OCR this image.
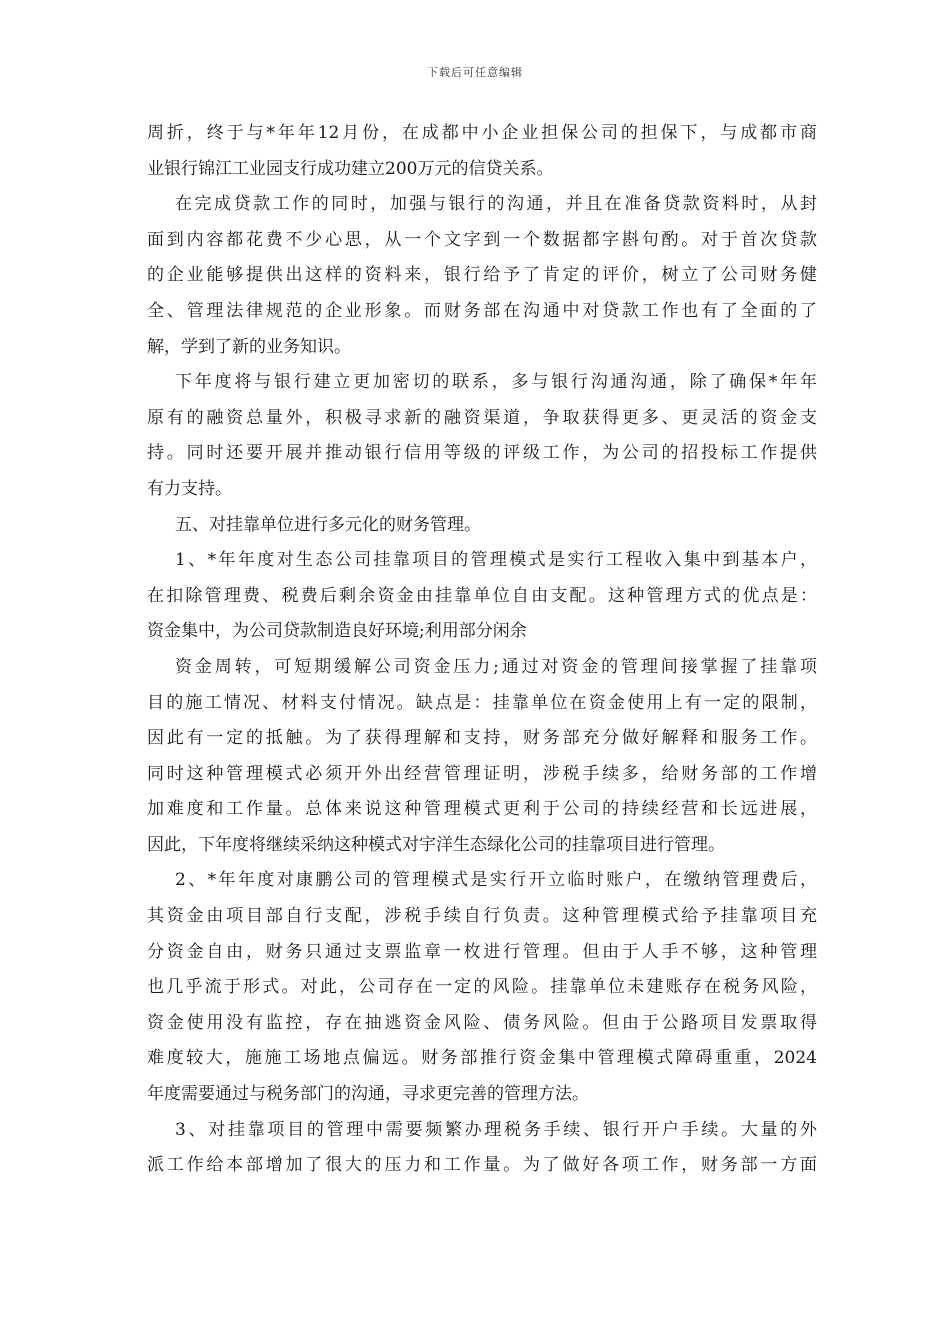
下载后可任意编辑
周折，终于与*年年12月份，在成都中小企业担保公司的担保下，与成都市商
业银行锦江工业园支行成功建立200万元的信贷关系。
在完成贷款工作的同时，加强与银行的沟通，并且在准备贷款资料时，从封
面到内容都花费不少心思，从一个文字到一个数据都字斟句酌。对于首次贷款
的企业能够提供出这样的资料来，银行给予了肯定的评价，树立了公司财务健
全、管理法律规范的企业形象。而财务部在沟通中对贷款工作也有了全面的了
解，学到了新的业务知识。
下年度将与银行建立更加密切的联系，多与银行沟通沟通，除了确保*年年
原有的融资总量外，积极寻求新的融资渠道，争取获得更多、更灵活的资金支
持。同时还要开展并推动银行信用等级的评级工作，为公司的招投标工作提供
有力支持。
五、对挂靠单位进行多元化的财务管理。
1、*年年度对生态公司挂靠项目的管理模式是实行工程收入集中到基本户，
在扣除管理费、税费后剩余资金由挂靠单位自由支配。这种管理方式的优点是：
资金集中，为公司贷款制造良好环境;利用部分闲余
资金周转，可短期缓解公司资金压力;通过对资金的管理间接掌握了挂靠项
目的施工情况、材料支付情况。缺点是：挂靠单位在资金使用上有一定的限制，
因此有一定的抵触。为了获得理解和支持，财务部充分做好解释和服务工作。
同时这种管理模式必须开外出经营管理证明，涉税手续多，给财务部的工作增
加难度和工作量。总体来说这种管理模式更利于公司的持续经营和长远进展，
因此，下年度将继续采纳这种模式对宇洋生态绿化公司的挂靠项目进行管理。
2、*年年度对康鹏公司的管理模式是实行开立临时账户，在缴纳管理费后，
其资金由项目部自行支配，涉税手续自行负责。这种管理模式给予挂靠项目充
分资金自由，财务只通过支票监章一枚进行管理。但由于人手不够，这种管理
也几乎流于形式。对此，公司存在一定的风险。挂靠单位未建账存在税务风险，
资金使用没有监控，存在抽逃资金风险、债务风险。但由于公路项目发票取得
难度较大，施施工场地点偏远。财务部推行资金集中管理模式障碍重重，2024
年度需要通过与税务部门的沟通，寻求更完善的管理方法。
3、对挂靠项目的管理中需要频繁办理税务手续、银行开户手续。大量的外
派工作给本部增加了很大的压力和工作量。为了做好各项工作，财务部一方面
